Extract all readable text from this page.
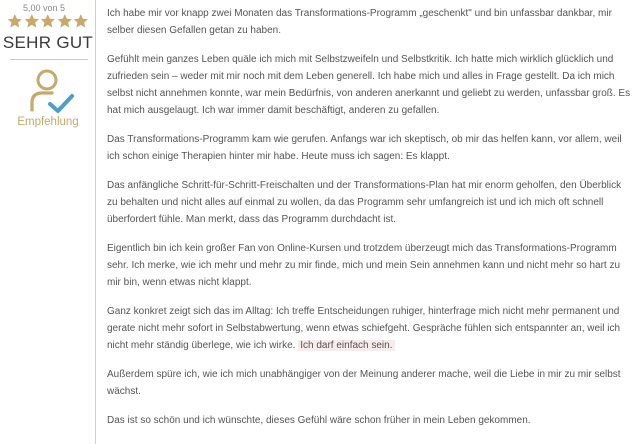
5,00 von 5
SEHR GUT
Empfehlung

Ich habe mir vor knapp zwei Monaten das Transformations-Programm „geschenkt" und bin unfassbar dankbar, mir selber diesen Gefallen getan zu haben.

Gefühlt mein ganzes Leben quäle ich mich mit Selbstzweifeln und Selbstkritik. Ich hatte mich wirklich glücklich und zufrieden sein – weder mit mir noch mit dem Leben generell. Ich habe mich und alles in Frage gestellt. Da ich mich selbst nicht annehmen konnte, war mein Bedürfnis, von anderen anerkannt und geliebt zu werden, unfassbar groß. Es hat mich ausgelaugt. Ich war immer damit beschäftigt, anderen zu gefallen.

Das Transformations-Programm kam wie gerufen. Anfangs war ich skeptisch, ob mir das helfen kann, vor allem, weil ich schon einige Therapien hinter mir habe. Heute muss ich sagen: Es klappt.

Das anfängliche Schritt-für-Schritt-Freischalten und der Transformations-Plan hat mir enorm geholfen, den Überblick zu behalten und nicht alles auf einmal zu wollen, da das Programm sehr umfangreich ist und ich mich oft schnell überfordert fühle. Man merkt, dass das Programm durchdacht ist.

Eigentlich bin ich kein großer Fan von Online-Kursen und trotzdem überzeugt mich das Transformations-Programm sehr. Ich merke, wie ich mehr und mehr zu mir finde, mich und mein Sein annehmen kann und nicht mehr so hart zu mir bin, wenn etwas nicht klappt.

Ganz konkret zeigt sich das im Alltag: Ich treffe Entscheidungen ruhiger, hinterfrage mich nicht mehr permanent und gerate nicht mehr sofort in Selbstabwertung, wenn etwas schiefgeht. Gespräche fühlen sich entspannter an, weil ich nicht mehr ständig überlege, wie ich wirke. Ich darf einfach sein.

Außerdem spüre ich, wie ich mich unabhängiger von der Meinung anderer mache, weil die Liebe in mir zu mir selbst wächst.

Das ist so schön und ich wünschte, dieses Gefühl wäre schon früher in mein Leben gekommen.
